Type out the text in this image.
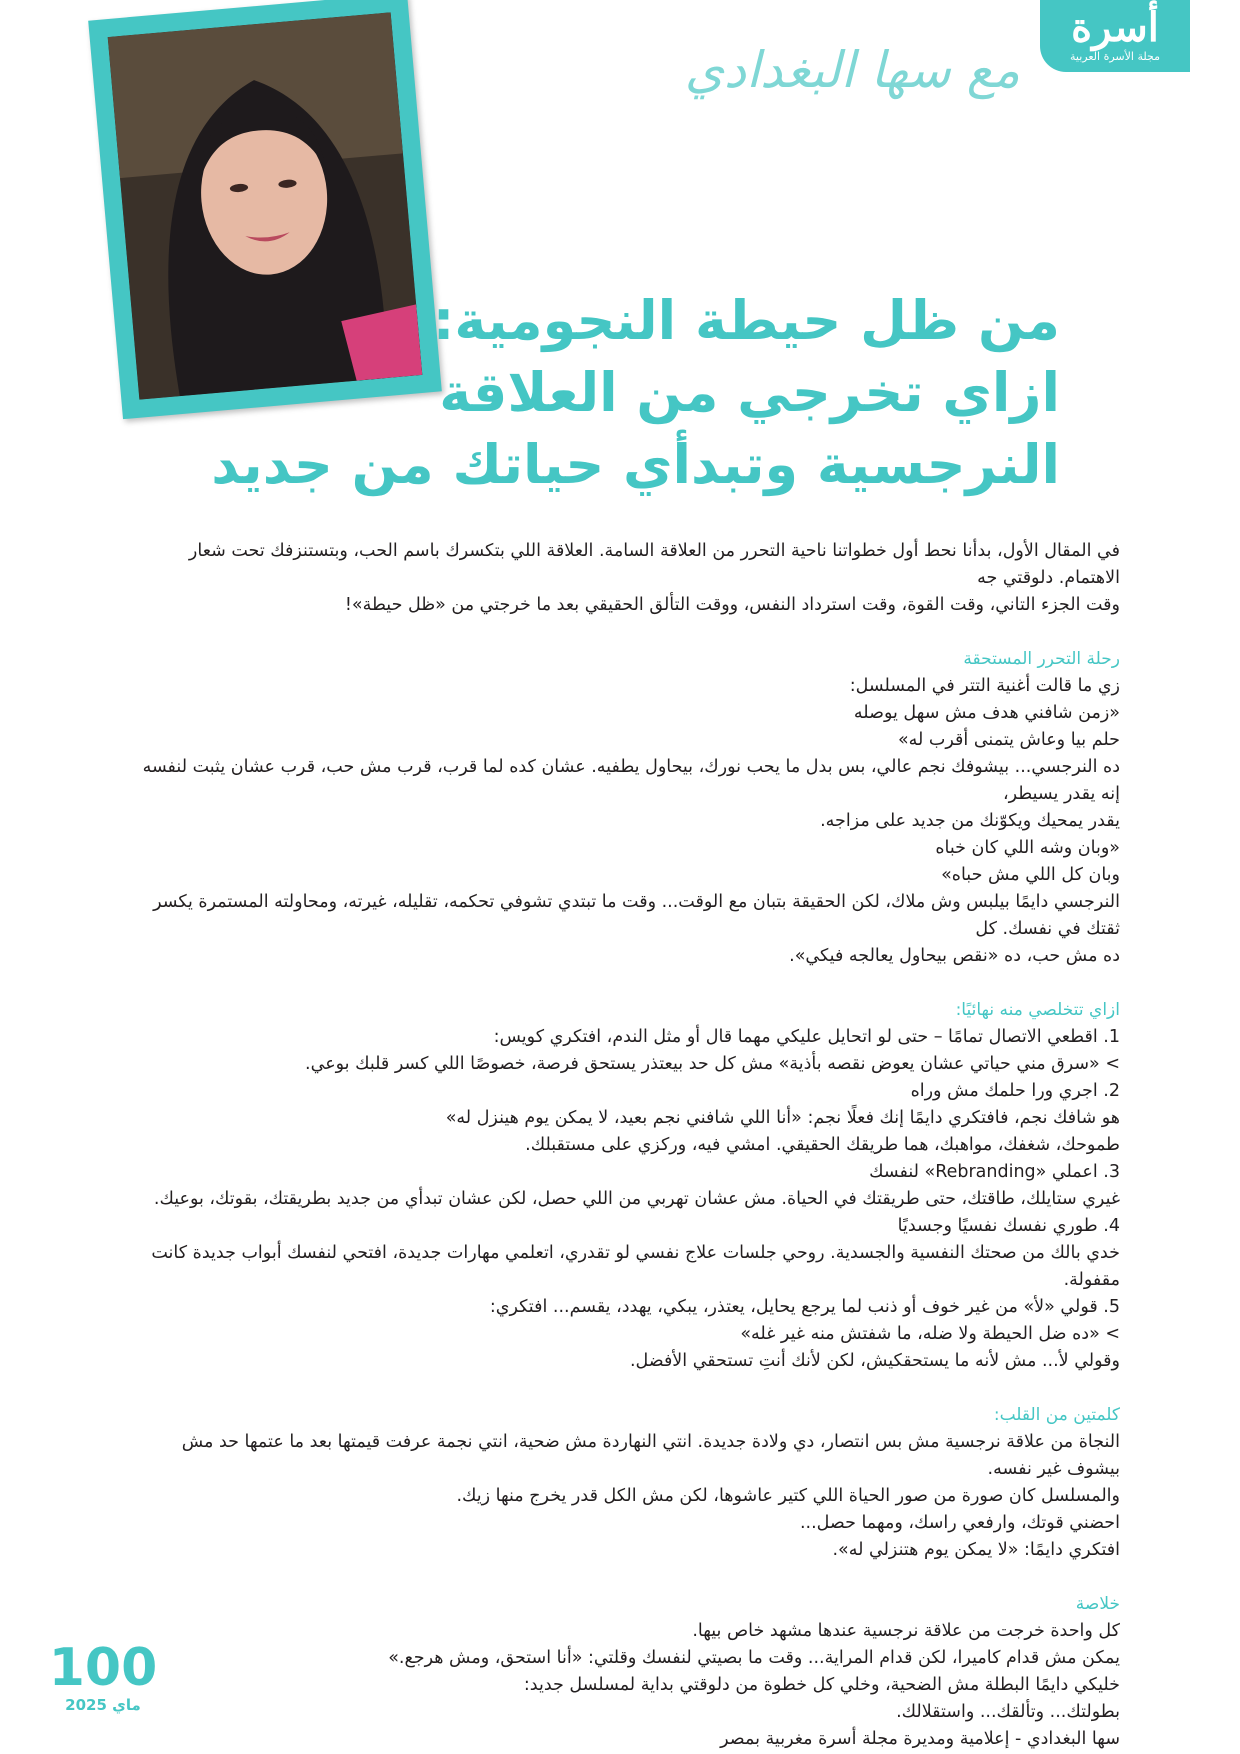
أسرة
مجلة الأسرة العربية
مع سها البغدادي
من ظل حيطة النجومية:
ازاي تخرجي من العلاقة
النرجسية وتبدأي حياتك من جديد

في المقال الأول، بدأنا نحط أول خطواتنا ناحية التحرر من العلاقة السامة. العلاقة اللي بتكسرك باسم الحب، وبتستنزفك تحت شعار الاهتمام. دلوقتي جه

وقت الجزء التاني، وقت القوة، وقت استرداد النفس، ووقت التألق الحقيقي بعد ما خرجتي من «ظل حيطة»!

رحلة التحرر المستحقة

زي ما قالت أغنية التتر في المسلسل:

«زمن شافني هدف مش سهل يوصله

حلم بيا وعاش يتمنى أقرب له»

ده النرجسي... بيشوفك نجم عالي، بس بدل ما يحب نورك، بيحاول يطفيه. عشان كده لما قرب، قرب مش حب، قرب عشان يثبت لنفسه إنه يقدر يسيطر،

يقدر يمحيك ويكوّنك من جديد على مزاجه.

«وبان وشه اللي كان خباه

وبان كل اللي مش حباه»

النرجسي دايمًا بيلبس وش ملاك، لكن الحقيقة بتبان مع الوقت... وقت ما تبتدي تشوفي تحكمه، تقليله، غيرته، ومحاولته المستمرة يكسر ثقتك في نفسك. كل

ده مش حب، ده «نقص بيحاول يعالجه فيكي».

ازاي تتخلصي منه نهائيًا:

1. اقطعي الاتصال تمامًا – حتى لو اتحايل عليكي مهما قال أو مثل الندم، افتكري كويس:

> «سرق مني حياتي عشان يعوض نقصه بأذية» مش كل حد بيعتذر يستحق فرصة، خصوصًا اللي كسر قلبك بوعي.

2. اجري ورا حلمك مش وراه

هو شافك نجم، فافتكري دايمًا إنك فعلًا نجم: «أنا اللي شافني نجم بعيد، لا يمكن يوم هينزل له»

طموحك، شغفك، مواهبك، هما طريقك الحقيقي. امشي فيه، وركزي على مستقبلك.

3. اعملي «Rebranding» لنفسك

غيري ستايلك، طاقتك، حتى طريقتك في الحياة. مش عشان تهربي من اللي حصل، لكن عشان تبدأي من جديد بطريقتك، بقوتك، بوعيك.

4. طوري نفسك نفسيًا وجسديًا

خدي بالك من صحتك النفسية والجسدية. روحي جلسات علاج نفسي لو تقدري، اتعلمي مهارات جديدة، افتحي لنفسك أبواب جديدة كانت مقفولة.

5. قولي «لأ» من غير خوف أو ذنب لما يرجع يحايل، يعتذر، يبكي، يهدد، يقسم... افتكري:

> «ده ضل الحيطة ولا ضله، ما شفتش منه غير غله»

وقولي لأ... مش لأنه ما يستحقكيش، لكن لأنك أنتِ تستحقي الأفضل.

كلمتين من القلب:

النجاة من علاقة نرجسية مش بس انتصار، دي ولادة جديدة. انتي النهاردة مش ضحية، انتي نجمة عرفت قيمتها بعد ما عتمها حد مش بيشوف غير نفسه.

والمسلسل كان صورة من صور الحياة اللي كتير عاشوها، لكن مش الكل قدر يخرج منها زيك.

احضني قوتك، وارفعي راسك، ومهما حصل...

افتكري دايمًا: «لا يمكن يوم هتنزلي له».

خلاصة

كل واحدة خرجت من علاقة نرجسية عندها مشهد خاص بيها.

يمكن مش قدام كاميرا، لكن قدام المراية... وقت ما بصيتي لنفسك وقلتي: «أنا استحق، ومش هرجع.»

خليكي دايمًا البطلة مش الضحية، وخلي كل خطوة من دلوقتي بداية لمسلسل جديد:

بطولتك... وتألقك... واستقلالك.

سها البغدادي - إعلامية ومديرة مجلة أسرة مغربية بمصر

100
ماي 2025
